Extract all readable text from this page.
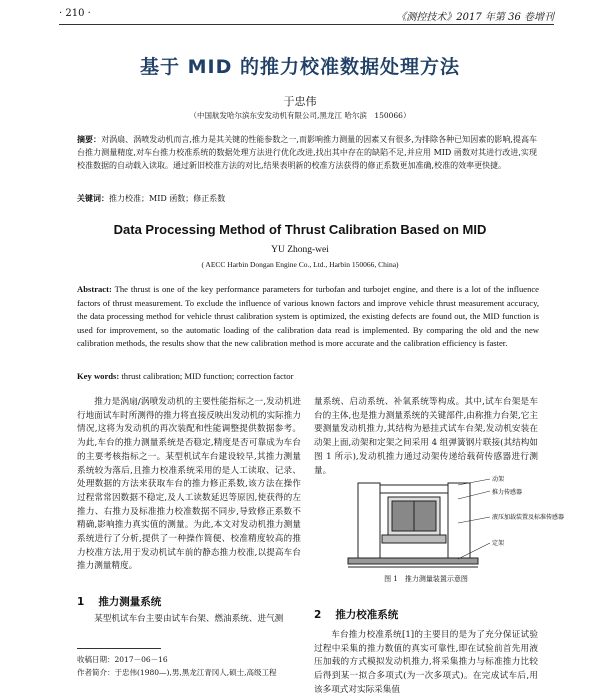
· 210 ·	《测控技术》2017 年第 36 卷增刊
基于 MID 的推力校准数据处理方法
于忠伟
（中国航发哈尔滨东安发动机有限公司,黑龙江 哈尔滨　150066）
摘要：对涡扇、涡喷发动机而言,推力是其关键的性能参数之一,而影响推力测量的因素又有很多,为排除各种已知因素的影响,提高车台推力测量精度,对车台推力校准系统的数据处理方法进行优化改进,找出其中存在的缺陷不足,并应用 MID 函数对其进行改进,实现校准数据的自动载入读取。通过新旧校准方法的对比,结果表明新的校准方法获得的修正系数更加准确,校准的效率更快捷。
关键词：推力校准；MID 函数；修正系数
Data Processing Method of Thrust Calibration Based on MID
YU Zhong-wei
( AECC Harbin Dongan Engine Co., Ltd., Harbin 150066, China)
Abstract: The thrust is one of the key performance parameters for turbofan and turbojet engine, and there is a lot of the influence factors of thrust measurement. To exclude the influence of various known factors and improve vehicle thrust measurement accuracy, the data processing method for vehicle thrust calibration system is optimized, the existing defects are found out, the MID function is used for improvement, so the automatic loading of the calibration data read is implemented. By comparing the old and the new calibration methods, the results show that the new calibration method is more accurate and the calibration efficiency is faster.
Key words: thrust calibration; MID function; correction factor

推力是涡扇/涡喷发动机的主要性能指标之一,发动机进行地面试车时所测得的推力将直接反映出发动机的实际推力情况,这将为发动机的再次装配和性能调整提供数据参考。为此,车台的推力测量系统是否稳定,精度是否可靠成为车台的主要考核指标之一。某型机试车台建设较早,其推力测量系统较为落后,且推力校准系统采用的是人工读取、记录、处理数据的方法来获取车台的推力修正系数,该方法在操作过程常常因数据不稳定,及人工读数延迟等原因,使获得的左推力、右推力及标准推力校准数据不同步,导致修正系数不精确,影响推力真实值的测量。为此,本文对发动机推力测量系统进行了分析,提供了一种操作简便、校准精度较高的推力校准方法,用于发动机试车前的静态推力校准,以提高车台推力测量精度。

1 推力测量系统
某型机试车台主要由试车台架、燃油系统、进气测
收稿日期：2017－06－16
作者简介：于忠伟(1980—),男,黑龙江青冈人,硕士,高级工程
量系统、启动系统、补氧系统等构成。其中,试车台架是车台的主体,也是推力测量系统的关键部件,由称推力台架,它主要测量发动机推力,其结构为悬挂式试车台架,发动机安装在动架上面,动架和定架之间采用 4 组弹簧钢片联接(其结构如图 1 所示),发动机推力通过动架传递给载荷传感器进行测量。
动架
推力传感器
液压加载装置及标准传感器
定架
图 1　推力测量装置示意图
2 推力校准系统
车台推力校准系统[1]的主要目的是为了充分保证试验过程中采集的推力数值的真实可靠性,即在试验前首先用液压加载的方式模拟发动机推力,将采集推力与标准推力比较后得到某一拟合多项式(为一次多项式)。在完成试车后,用该多项式对实际采集值
